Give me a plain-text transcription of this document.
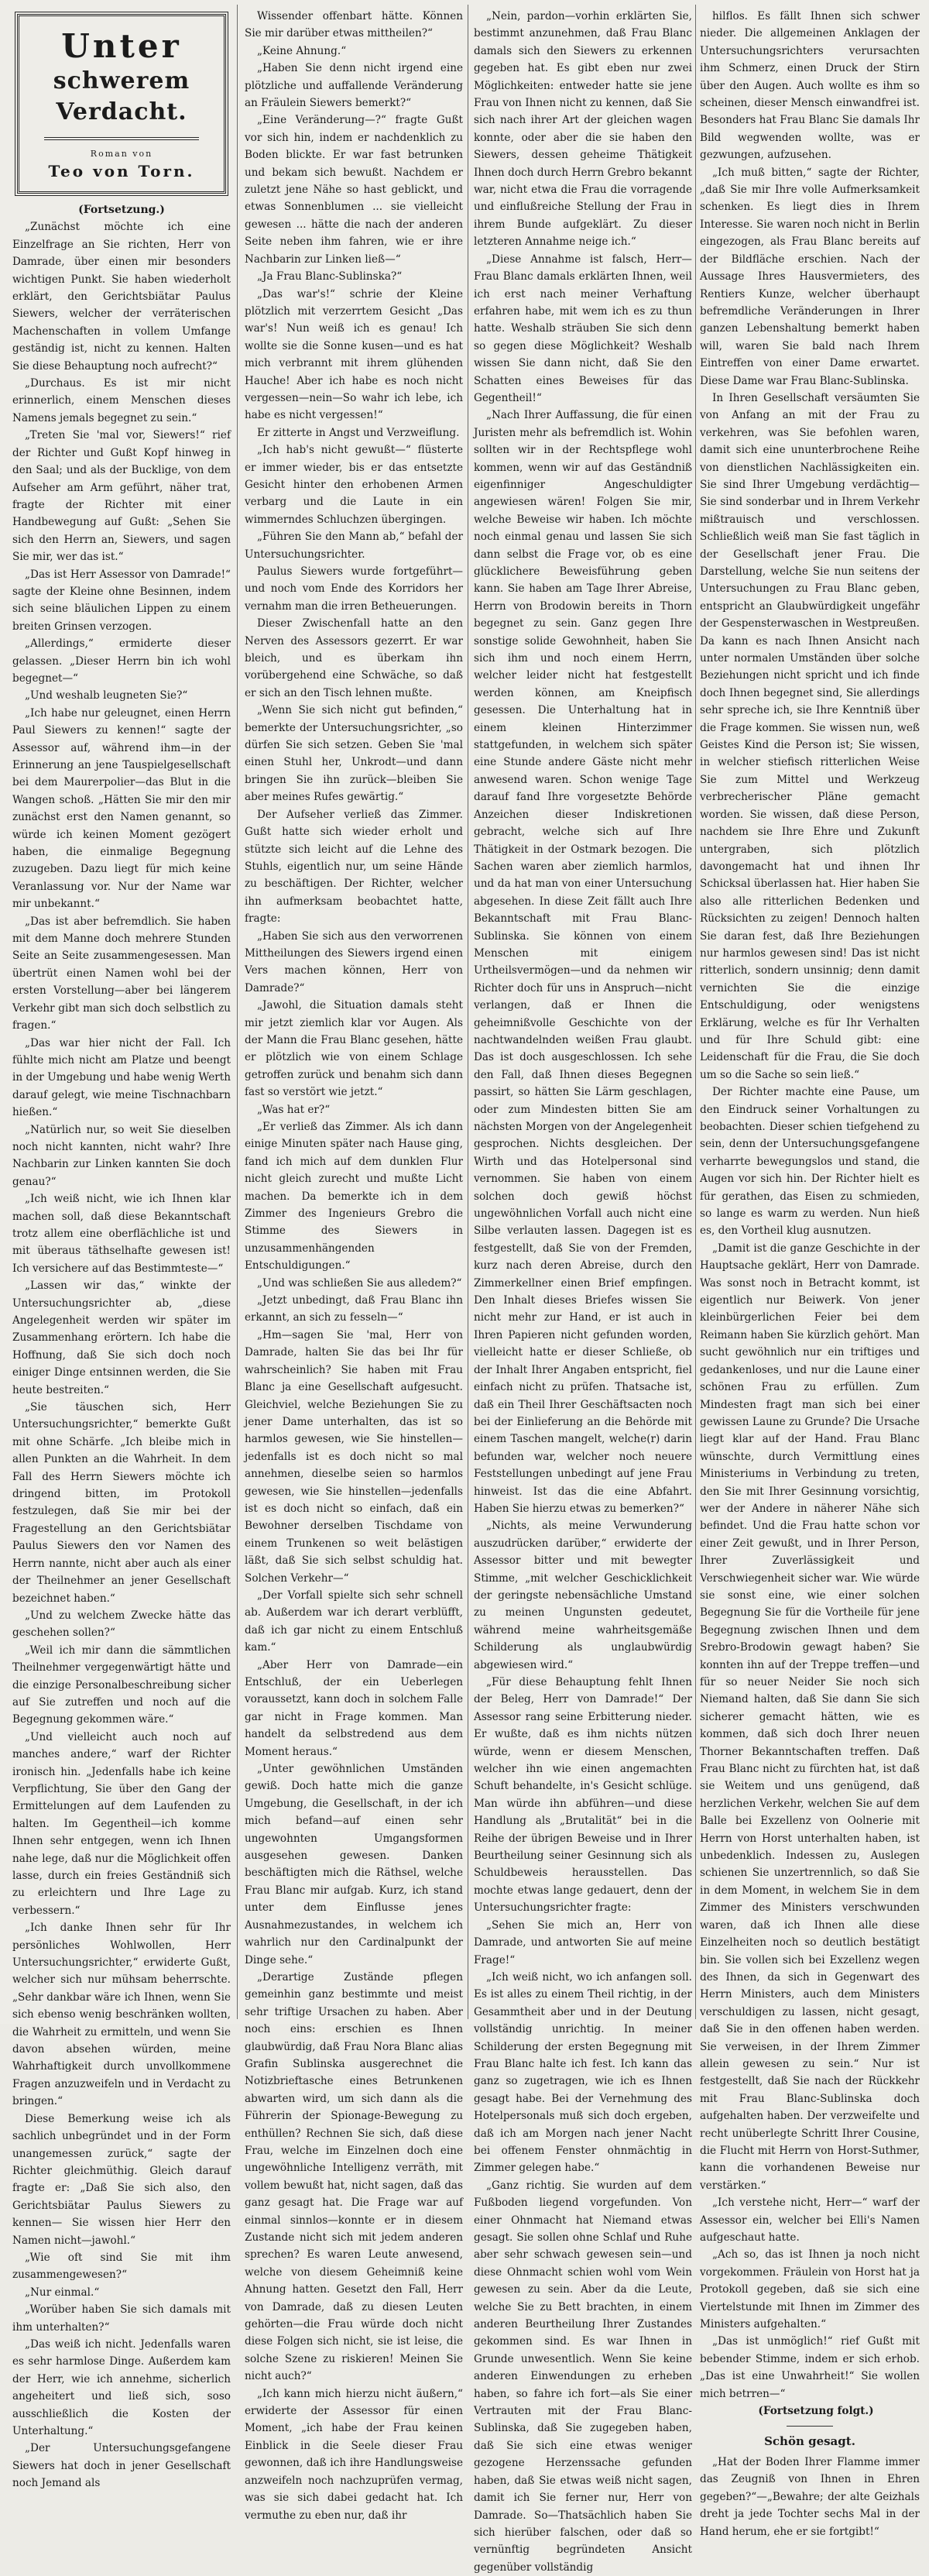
Unter
schwerem Verdacht.
Roman von
Teo von Torn.

(Fortsetzung.)

„Zunächst möchte ich eine Einzelfrage an Sie richten, Herr von Damrade, über einen mir besonders wichtigen Punkt. Sie haben wiederholt erklärt, den Gerichtsbiätar Paulus Siewers, welcher der verräterischen Machenschaften in vollem Umfange geständig ist, nicht zu kennen. Halten Sie diese Behauptung noch aufrecht?“

„Durchaus. Es ist mir nicht erinnerlich, einem Menschen dieses Namens jemals begegnet zu sein.“

„Treten Sie 'mal vor, Siewers!“ rief der Richter und Gußt Kopf hinweg in den Saal; und als der Bucklige, von dem Aufseher am Arm geführt, näher trat, fragte der Richter mit einer Handbewegung auf Gußt: „Sehen Sie sich den Herrn an, Siewers, und sagen Sie mir, wer das ist.“

„Das ist Herr Assessor von Damrade!“ sagte der Kleine ohne Besinnen, indem sich seine bläulichen Lippen zu einem breiten Grinsen verzogen.

„Allerdings,“ ermiderte dieser gelassen. „Dieser Herrn bin ich wohl begegnet—“

„Und weshalb leugneten Sie?“

„Ich habe nur geleugnet, einen Herrn Paul Siewers zu kennen!“ sagte der Assessor auf, während ihm—in der Erinnerung an jene Tauspielgesellschaft bei dem Maurerpolier—das Blut in die Wangen schoß. „Hätten Sie mir den mir zunächst erst den Namen genannt, so würde ich keinen Moment gezögert haben, die einmalige Begegnung zuzugeben. Dazu liegt für mich keine Veranlassung vor. Nur der Name war mir unbekannt.“

„Das ist aber befremdlich. Sie haben mit dem Manne doch mehrere Stunden Seite an Seite zusammengesessen. Man übertrüt einen Namen wohl bei der ersten Vorstellung—aber bei längerem Verkehr gibt man sich doch selbstlich zu fragen.“

„Das war hier nicht der Fall. Ich fühlte mich nicht am Platze und beengt in der Umgebung und habe wenig Werth darauf gelegt, wie meine Tischnachbarn hießen.“

„Natürlich nur, so weit Sie dieselben noch nicht kannten, nicht wahr? Ihre Nachbarin zur Linken kannten Sie doch genau?“

„Ich weiß nicht, wie ich Ihnen klar machen soll, daß diese Bekanntschaft trotz allem eine oberflächliche ist und mit überaus täthselhafte gewesen ist! Ich versichere auf das Bestimmteste—“

„Lassen wir das,“ winkte der Untersuchungsrichter ab, „diese Angelegenheit werden wir später im Zusammenhang erörtern. Ich habe die Hoffnung, daß Sie sich doch noch einiger Dinge entsinnen werden, die Sie heute bestreiten.“

„Sie täuschen sich, Herr Untersuchungsrichter,“ bemerkte Gußt mit ohne Schärfe. „Ich bleibe mich in allen Punkten an die Wahrheit. In dem Fall des Herrn Siewers möchte ich dringend bitten, im Protokoll festzulegen, daß Sie mir bei der Fragestellung an den Gerichtsbiätar Paulus Siewers den vor Namen des Herrn nannte, nicht aber auch als einer der Theilnehmer an jener Gesellschaft bezeichnet haben.“

„Und zu welchem Zwecke hätte das geschehen sollen?“

„Weil ich mir dann die sämmtlichen Theilnehmer vergegenwärtigt hätte und die einzige Personalbeschreibung sicher auf Sie zutreffen und noch auf die Begegnung gekommen wäre.“

„Und vielleicht auch noch auf manches andere,“ warf der Richter ironisch hin. „Jedenfalls habe ich keine Verpflichtung, Sie über den Gang der Ermittelungen auf dem Laufenden zu halten. Im Gegentheil—ich komme Ihnen sehr entgegen, wenn ich Ihnen nahe lege, daß nur die Möglichkeit offen lasse, durch ein freies Geständniß sich zu erleichtern und Ihre Lage zu verbessern.“

„Ich danke Ihnen sehr für Ihr persönliches Wohlwollen, Herr Untersuchungsrichter,“ erwiderte Gußt, welcher sich nur mühsam beherrschte. „Sehr dankbar wäre ich Ihnen, wenn Sie sich ebenso wenig beschränken wollten, die Wahrheit zu ermitteln, und wenn Sie davon absehen würden, meine Wahrhaftigkeit durch unvollkommene Fragen anzuzweifeln und in Verdacht zu bringen.“

Diese Bemerkung weise ich als sachlich unbegründet und in der Form unangemessen zurück,“ sagte der Richter gleichmüthig. Gleich darauf fragte er: „Daß Sie sich also, den Gerichtsbiätar Paulus Siewers zu kennen— Sie wissen hier Herr den Namen nicht—jawohl.“

„Wie oft sind Sie mit ihm zusammengewesen?“

„Nur einmal.“

„Worüber haben Sie sich damals mit ihm unterhalten?“

„Das weiß ich nicht. Jedenfalls waren es sehr harmlose Dinge. Außerdem kam der Herr, wie ich annehme, sicherlich angeheitert und ließ sich, soso ausschließlich die Kosten der Unterhaltung.“

„Der Untersuchungsgefangene Siewers hat doch in jener Gesellschaft noch Jemand als

Wissender offenbart hätte. Können Sie mir darüber etwas mittheilen?“

„Keine Ahnung.“

„Haben Sie denn nicht irgend eine plötzliche und auffallende Veränderung an Fräulein Siewers bemerkt?“

„Eine Veränderung—?“ fragte Gußt vor sich hin, indem er nachdenklich zu Boden blickte. Er war fast betrunken und bekam sich bewußt. Nachdem er zuletzt jene Nähe so hast geblickt, und etwas Sonnenblumen ... sie vielleicht gewesen ... hätte die nach der anderen Seite neben ihm fahren, wie er ihre Nachbarin zur Linken ließ—“

„Ja Frau Blanc-Sublinska?“

„Das war's!“ schrie der Kleine plötzlich mit verzerrtem Gesicht „Das war's! Nun weiß ich es genau! Ich wollte sie die Sonne kusen—und es hat mich verbrannt mit ihrem glühenden Hauche! Aber ich habe es noch nicht vergessen—nein—So wahr ich lebe, ich habe es nicht vergessen!“

Er zitterte in Angst und Verzweiflung.

„Ich hab's nicht gewußt—“ flüsterte er immer wieder, bis er das entsetzte Gesicht hinter den erhobenen Armen verbarg und die Laute in ein wimmerndes Schluchzen übergingen.

„Führen Sie den Mann ab,“ befahl der Untersuchungsrichter.

Paulus Siewers wurde fortgeführt—und noch vom Ende des Korridors her vernahm man die irren Betheuerungen.

Dieser Zwischenfall hatte an den Nerven des Assessors gezerrt. Er war bleich, und es überkam ihn vorübergehend eine Schwäche, so daß er sich an den Tisch lehnen mußte.

„Wenn Sie sich nicht gut befinden,“ bemerkte der Untersuchungsrichter, „so dürfen Sie sich setzen. Geben Sie 'mal einen Stuhl her, Unkrodt—und dann bringen Sie ihn zurück—bleiben Sie aber meines Rufes gewärtig.“

Der Aufseher verließ das Zimmer. Gußt hatte sich wieder erholt und stützte sich leicht auf die Lehne des Stuhls, eigentlich nur, um seine Hände zu beschäftigen. Der Richter, welcher ihn aufmerksam beobachtet hatte, fragte:

„Haben Sie sich aus den verworrenen Mittheilungen des Siewers irgend einen Vers machen können, Herr von Damrade?“

„Jawohl, die Situation damals steht mir jetzt ziemlich klar vor Augen. Als der Mann die Frau Blanc gesehen, hätte er plötzlich wie von einem Schlage getroffen zurück und benahm sich dann fast so verstört wie jetzt.“

„Was hat er?“

„Er verließ das Zimmer. Als ich dann einige Minuten später nach Hause ging, fand ich mich auf dem dunklen Flur nicht gleich zurecht und mußte Licht machen. Da bemerkte ich in dem Zimmer des Ingenieurs Grebro die Stimme des Siewers in unzusammenhängenden Entschuldigungen.“

„Und was schließen Sie aus alledem?“

„Jetzt unbedingt, daß Frau Blanc ihn erkannt, an sich zu fesseln—“

„Hm—sagen Sie 'mal, Herr von Damrade, halten Sie das bei Ihr für wahrscheinlich? Sie haben mit Frau Blanc ja eine Gesellschaft aufgesucht. Gleichviel, welche Beziehungen Sie zu jener Dame unterhalten, das ist so harmlos gewesen, wie Sie hinstellen—jedenfalls ist es doch nicht so mal annehmen, dieselbe seien so harmlos gewesen, wie Sie hinstellen—jedenfalls ist es doch nicht so einfach, daß ein Bewohner derselben Tischdame von einem Trunkenen so weit belästigen läßt, daß Sie sich selbst schuldig hat. Solchen Verkehr—“

„Der Vorfall spielte sich sehr schnell ab. Außerdem war ich derart verblüfft, daß ich gar nicht zu einem Entschluß kam.“

„Aber Herr von Damrade—ein Entschluß, der ein Ueberlegen voraussetzt, kann doch in solchem Falle gar nicht in Frage kommen. Man handelt da selbstredend aus dem Moment heraus.“

„Unter gewöhnlichen Umständen gewiß. Doch hatte mich die ganze Umgebung, die Gesellschaft, in der ich mich befand—auf einen sehr ungewohnten Umgangsformen ausgesehen gewesen. Danken beschäftigten mich die Räthsel, welche Frau Blanc mir aufgab. Kurz, ich stand unter dem Einflusse jenes Ausnahmezustandes, in welchem ich wahrlich nur den Cardinalpunkt der Dinge sehe.“

„Derartige Zustände pflegen gemeinhin ganz bestimmte und meist sehr triftige Ursachen zu haben. Aber noch eins: erschien es Ihnen glaubwürdig, daß Frau Nora Blanc alias Grafin Sublinska ausgerechnet die Notizbrieftasche eines Betrunkenen abwarten wird, um sich dann als die Führerin der Spionage-Bewegung zu enthüllen? Rechnen Sie sich, daß diese Frau, welche im Einzelnen doch eine ungewöhnliche Intelligenz verräth, mit vollem bewußt hat, nicht sagen, daß das ganz gesagt hat. Die Frage war auf einmal sinnlos—konnte er in diesem Zustande nicht sich mit jedem anderen sprechen? Es waren Leute anwesend, welche von diesem Geheimniß keine Ahnung hatten. Gesetzt den Fall, Herr von Damrade, daß zu diesen Leuten gehörten—die Frau würde doch nicht diese Folgen sich nicht, sie ist leise, die solche Szene zu riskieren! Meinen Sie nicht auch?“

„Ich kann mich hierzu nicht äußern,“ erwiderte der Assessor für einen Moment, „ich habe der Frau keinen Einblick in die Seele dieser Frau gewonnen, daß ich ihre Handlungsweise anzweifeln noch nachzuprüfen vermag, was sie sich dabei gedacht hat. Ich vermuthe zu eben nur, daß ihr

„Nein, pardon—vorhin erklärten Sie, bestimmt anzunehmen, daß Frau Blanc damals sich den Siewers zu erkennen gegeben hat. Es gibt eben nur zwei Möglichkeiten: entweder hatte sie jene Frau von Ihnen nicht zu kennen, daß Sie sich nach ihrer Art der gleichen wagen konnte, oder aber die sie haben den Siewers, dessen geheime Thätigkeit Ihnen doch durch Herrn Grebro bekannt war, nicht etwa die Frau die vorragende und einflußreiche Stellung der Frau in ihrem Bunde aufgeklärt. Zu dieser letzteren Annahme neige ich.“

„Diese Annahme ist falsch, Herr—Frau Blanc damals erklärten Ihnen, weil ich erst nach meiner Verhaftung erfahren habe, mit wem ich es zu thun hatte. Weshalb sträuben Sie sich denn so gegen diese Möglichkeit? Weshalb wissen Sie dann nicht, daß Sie den Schatten eines Beweises für das Gegentheil!“

„Nach Ihrer Auffassung, die für einen Juristen mehr als befremdlich ist. Wohin sollten wir in der Rechtspflege wohl kommen, wenn wir auf das Geständniß eigenfinniger Angeschuldigter angewiesen wären! Folgen Sie mir, welche Beweise wir haben. Ich möchte noch einmal genau und lassen Sie sich dann selbst die Frage vor, ob es eine glücklichere Beweisführung geben kann. Sie haben am Tage Ihrer Abreise, Herrn von Brodowin bereits in Thorn begegnet zu sein. Ganz gegen Ihre sonstige solide Gewohnheit, haben Sie sich ihm und noch einem Herrn, welcher leider nicht hat festgestellt werden können, am Kneipfisch gesessen. Die Unterhaltung hat in einem kleinen Hinterzimmer stattgefunden, in welchem sich später eine Stunde andere Gäste nicht mehr anwesend waren. Schon wenige Tage darauf fand Ihre vorgesetzte Behörde Anzeichen dieser Indiskretionen gebracht, welche sich auf Ihre Thätigkeit in der Ostmark bezogen. Die Sachen waren aber ziemlich harmlos, und da hat man von einer Untersuchung abgesehen. In diese Zeit fällt auch Ihre Bekanntschaft mit Frau Blanc-Sublinska. Sie können von einem Menschen mit einigem Urtheilsvermögen—und da nehmen wir Richter doch für uns in Anspruch—nicht verlangen, daß er Ihnen die geheimnißvolle Geschichte von der nachtwandelnden weißen Frau glaubt. Das ist doch ausgeschlossen. Ich sehe den Fall, daß Ihnen dieses Begegnen passirt, so hätten Sie Lärm geschlagen, oder zum Mindesten bitten Sie am nächsten Morgen von der Angelegenheit gesprochen. Nichts desgleichen. Der Wirth und das Hotelpersonal sind vernommen. Sie haben von einem solchen doch gewiß höchst ungewöhnlichen Vorfall auch nicht eine Silbe verlauten lassen. Dagegen ist es festgestellt, daß Sie von der Fremden, kurz nach deren Abreise, durch den Zimmerkellner einen Brief empfingen. Den Inhalt dieses Briefes wissen Sie nicht mehr zur Hand, er ist auch in Ihren Papieren nicht gefunden worden, vielleicht hatte er dieser Schließe, ob der Inhalt Ihrer Angaben entspricht, fiel einfach nicht zu prüfen. Thatsache ist, daß ein Theil Ihrer Geschäftsacten noch bei der Einlieferung an die Behörde mit einem Taschen mangelt, welche(r) darin befunden war, welcher noch neuere Feststellungen unbedingt auf jene Frau hinweist. Ist das die eine Abfahrt. Haben Sie hierzu etwas zu bemerken?“

„Nichts, als meine Verwunderung auszudrücken darüber,“ erwiderte der Assessor bitter und mit bewegter Stimme, „mit welcher Geschicklichkeit der geringste nebensächliche Umstand zu meinen Ungunsten gedeutet, während meine wahrheitsgemäße Schilderung als unglaubwürdig abgewiesen wird.“

„Für diese Behauptung fehlt Ihnen der Beleg, Herr von Damrade!“ Der Assessor rang seine Erbitterung nieder. Er wußte, daß es ihm nichts nützen würde, wenn er diesem Menschen, welcher ihn wie einen angemachten Schuft behandelte, in's Gesicht schlüge. Man würde ihn abführen—und diese Handlung als „Brutalität“ bei in die Reihe der übrigen Beweise und in Ihrer Beurtheilung seiner Gesinnung sich als Schuldbeweis herausstellen. Das mochte etwas lange gedauert, denn der Untersuchungsrichter fragte:

„Sehen Sie mich an, Herr von Damrade, und antworten Sie auf meine Frage!“

„Ich weiß nicht, wo ich anfangen soll. Es ist alles zu einem Theil richtig, in der Gesammtheit aber und in der Deutung vollständig unrichtig. In meiner Schilderung der ersten Begegnung mit Frau Blanc halte ich fest. Ich kann das ganz so zugetragen, wie ich es Ihnen gesagt habe. Bei der Vernehmung des Hotelpersonals muß sich doch ergeben, daß ich am Morgen nach jener Nacht bei offenem Fenster ohnmächtig in Zimmer gelegen habe.“

„Ganz richtig. Sie wurden auf dem Fußboden liegend vorgefunden. Von einer Ohnmacht hat Niemand etwas gesagt. Sie sollen ohne Schlaf und Ruhe aber sehr schwach gewesen sein—und diese Ohnmacht schien wohl vom Wein gewesen zu sein. Aber da die Leute, welche Sie zu Bett brachten, in einem anderen Beurtheilung Ihrer Zustandes gekommen sind. Es war Ihnen in Grunde unwesentlich. Wenn Sie keine anderen Einwendungen zu erheben haben, so fahre ich fort—als Sie einer Vertrauten mit der Frau Blanc-Sublinska, daß Sie zugegeben haben, daß Sie sich eine etwas weniger gezogene Herzenssache gefunden haben, daß Sie etwas weiß nicht sagen, damit ich Sie ferner nur, Herr von Damrade. So—Thatsächlich haben Sie sich hierüber falschen, oder daß so vernünftig begründeten Ansicht gegenüber vollständig

hilflos. Es fällt Ihnen sich schwer nieder. Die allgemeinen Anklagen der Untersuchungsrichters verursachten ihm Schmerz, einen Druck der Stirn über den Augen. Auch wollte es ihm so scheinen, dieser Mensch einwandfrei ist. Besonders hat Frau Blanc Sie damals Ihr Bild wegwenden wollte, was er gezwungen, aufzusehen.

„Ich muß bitten,“ sagte der Richter, „daß Sie mir Ihre volle Aufmerksamkeit schenken. Es liegt dies in Ihrem Interesse. Sie waren noch nicht in Berlin eingezogen, als Frau Blanc bereits auf der Bildfläche erschien. Nach der Aussage Ihres Hausvermieters, des Rentiers Kunze, welcher überhaupt befremdliche Veränderungen in Ihrer ganzen Lebenshaltung bemerkt haben will, waren Sie bald nach Ihrem Eintreffen von einer Dame erwartet. Diese Dame war Frau Blanc-Sublinska.

In Ihren Gesellschaft versäumten Sie von Anfang an mit der Frau zu verkehren, was Sie befohlen waren, damit sich eine ununterbrochene Reihe von dienstlichen Nachlässigkeiten ein. Sie sind Ihrer Umgebung verdächtig—Sie sind sonderbar und in Ihrem Verkehr mißtrauisch und verschlossen. Schließlich weiß man Sie fast täglich in der Gesellschaft jener Frau. Die Darstellung, welche Sie nun seitens der Untersuchungen zu Frau Blanc geben, entspricht an Glaubwürdigkeit ungefähr der Gespensterwaschen in Westpreußen. Da kann es nach Ihnen Ansicht nach unter normalen Umständen über solche Beziehungen nicht spricht und ich finde doch Ihnen begegnet sind, Sie allerdings sehr spreche ich, sie Ihre Kenntniß über die Frage kommen. Sie wissen nun, weß Geistes Kind die Person ist; Sie wissen, in welcher stiefisch ritterlichen Weise Sie zum Mittel und Werkzeug verbrecherischer Pläne gemacht worden. Sie wissen, daß diese Person, nachdem sie Ihre Ehre und Zukunft untergraben, sich plötzlich davongemacht hat und ihnen Ihr Schicksal überlassen hat. Hier haben Sie also alle ritterlichen Bedenken und Rücksichten zu zeigen! Dennoch halten Sie daran fest, daß Ihre Beziehungen nur harmlos gewesen sind! Das ist nicht ritterlich, sondern unsinnig; denn damit vernichten Sie die einzige Entschuldigung, oder wenigstens Erklärung, welche es für Ihr Verhalten und für Ihre Schuld gibt: eine Leidenschaft für die Frau, die Sie doch um so die Sache so sein ließ.“

Der Richter machte eine Pause, um den Eindruck seiner Vorhaltungen zu beobachten. Dieser schien tiefgehend zu sein, denn der Untersuchungsgefangene verharrte bewegungslos und stand, die Augen vor sich hin. Der Richter hielt es für gerathen, das Eisen zu schmieden, so lange es warm zu werden. Nun hieß es, den Vortheil klug ausnutzen.

„Damit ist die ganze Geschichte in der Hauptsache geklärt, Herr von Damrade. Was sonst noch in Betracht kommt, ist eigentlich nur Beiwerk. Von jener kleinbürgerlichen Feier bei dem Reimann haben Sie kürzlich gehört. Man sucht gewöhnlich nur ein triftiges und gedankenloses, und nur die Laune einer schönen Frau zu erfüllen. Zum Mindesten fragt man sich bei einer gewissen Laune zu Grunde? Die Ursache liegt klar auf der Hand. Frau Blanc wünschte, durch Vermittlung eines Ministeriums in Verbindung zu treten, den Sie mit Ihrer Gesinnung vorsichtig, wer der Andere in näherer Nähe sich befindet. Und die Frau hatte schon vor einer Zeit gewußt, und in Ihrer Person, Ihrer Zuverlässigkeit und Verschwiegenheit sicher war. Wie würde sie sonst eine, wie einer solchen Begegnung Sie für die Vortheile für jene Begegnung zwischen Ihnen und dem Srebro-Brodowin gewagt haben? Sie konnten ihn auf der Treppe treffen—und für so neuer Neider Sie noch sich Niemand halten, daß Sie dann Sie sich sicherer gemacht hätten, wie es kommen, daß sich doch Ihrer neuen Thorner Bekanntschaften treffen. Daß Frau Blanc nicht zu fürchten hat, ist daß sie Weitem und uns genügend, daß herzlichen Verkehr, welchen Sie auf dem Balle bei Exzellenz von Oolnerie mit Herrn von Horst unterhalten haben, ist unbedenklich. Indessen zu, Auslegen schienen Sie unzertrennlich, so daß Sie in dem Moment, in welchem Sie in dem Zimmer des Ministers verschwunden waren, daß ich Ihnen alle diese Einzelheiten noch so deutlich bestätigt bin. Sie vollen sich bei Exzellenz wegen des Ihnen, da sich in Gegenwart des Herrn Ministers, auch dem Ministers verschuldigen zu lassen, nicht gesagt, daß Sie in den offenen haben werden. Sie verweisen, in der Ihrem Zimmer allein gewesen zu sein.“ Nur ist festgestellt, daß Sie nach der Rückkehr mit Frau Blanc-Sublinska doch aufgehalten haben. Der verzweifelte und recht unüberlegte Schritt Ihrer Cousine, die Flucht mit Herrn von Horst-Suthmer, kann die vorhandenen Beweise nur verstärken.“

„Ich verstehe nicht, Herr—“ warf der Assessor ein, welcher bei Elli's Namen aufgeschaut hatte.

„Ach so, das ist Ihnen ja noch nicht vorgekommen. Fräulein von Horst hat ja Protokoll gegeben, daß sie sich eine Viertelstunde mit Ihnen im Zimmer des Ministers aufgehalten.“

„Das ist unmöglich!“ rief Gußt mit bebender Stimme, indem er sich erhob. „Das ist eine Unwahrheit!“ Sie wollen mich betrren—“

(Fortsetzung folgt.)

Schön gesagt.

„Hat der Boden Ihrer Flamme immer das Zeugniß von Ihnen in Ehren gegeben?“—„Bewahre; der alte Geizhals dreht ja jede Tochter sechs Mal in der Hand herum, ehe er sie fortgibt!“
